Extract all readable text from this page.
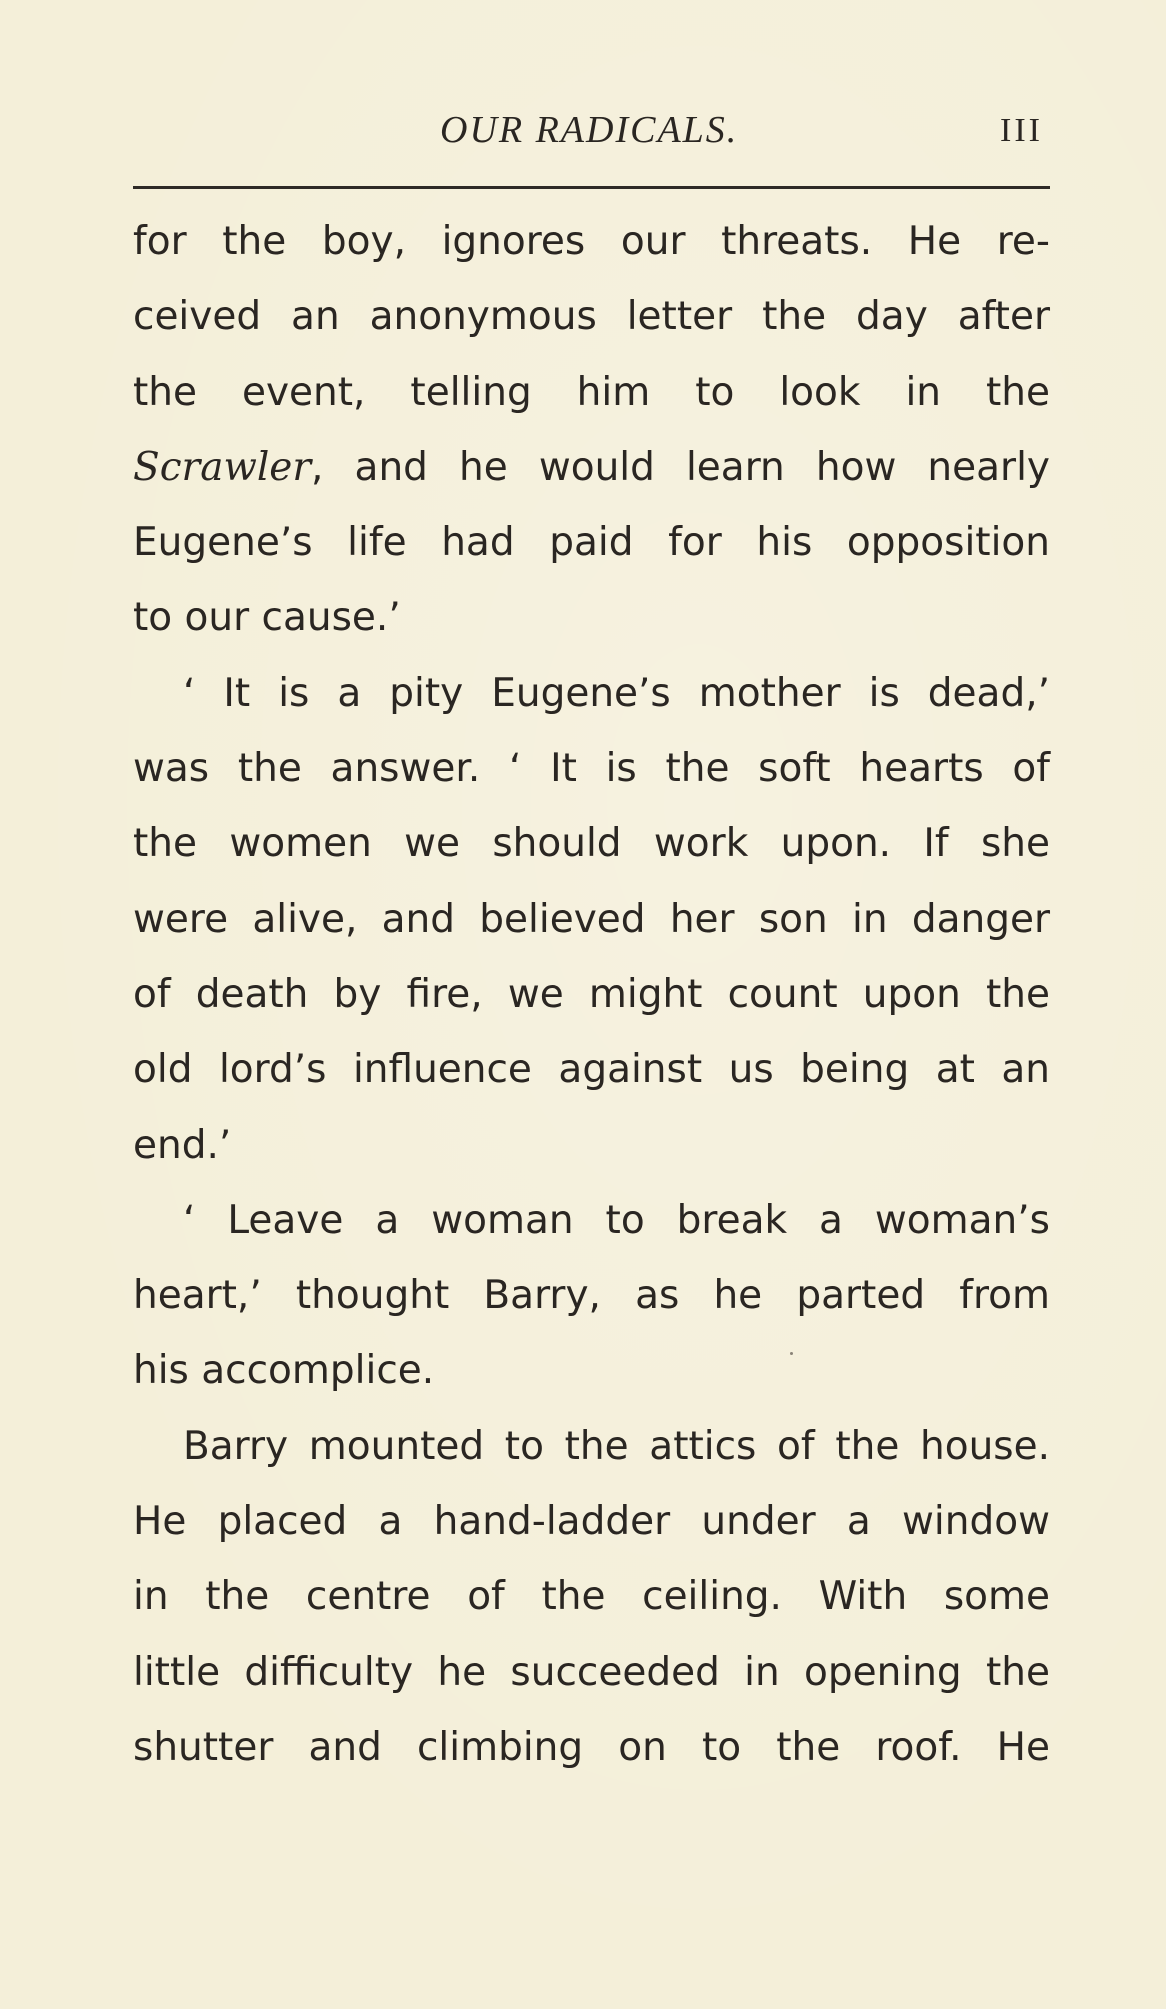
OUR RADICALS.	III
for the boy, ignores our threats. He re-
ceived an anonymous letter the day after
the event, telling him to look in the
Scrawler, and he would learn how nearly
Eugene’s life had paid for his opposition
to our cause.’
‘ It is a pity Eugene’s mother is dead,’
was the answer. ‘ It is the soft hearts of
the women we should work upon. If she
were alive, and believed her son in danger
of death by fire, we might count upon the
old lord’s influence against us being at an
end.’
‘ Leave a woman to break a woman’s
heart,’ thought Barry, as he parted from
his accomplice.
Barry mounted to the attics of the house.
He placed a hand-ladder under a window
in the centre of the ceiling. With some
little difficulty he succeeded in opening the
shutter and climbing on to the roof. He
